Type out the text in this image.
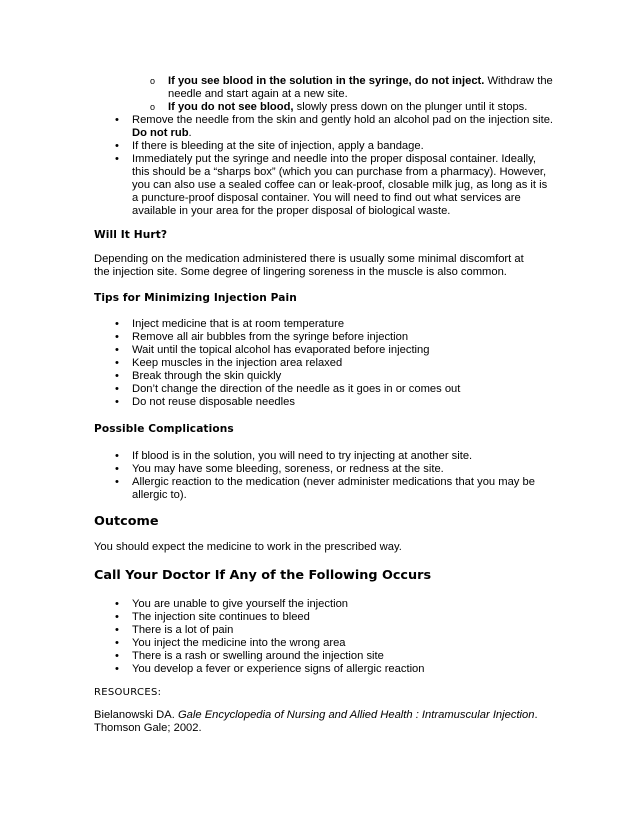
o If you see blood in the solution in the syringe, do not inject. Withdraw the needle and start again at a new site.
o If you do not see blood, slowly press down on the plunger until it stops.
• Remove the needle from the skin and gently hold an alcohol pad on the injection site. Do not rub.
• If there is bleeding at the site of injection, apply a bandage.
• Immediately put the syringe and needle into the proper disposal container. Ideally, this should be a “sharps box” (which you can purchase from a pharmacy). However, you can also use a sealed coffee can or leak-proof, closable milk jug, as long as it is a puncture-proof disposal container. You will need to find out what services are available in your area for the proper disposal of biological waste.
Will It Hurt?

Depending on the medication administered there is usually some minimal discomfort at the injection site. Some degree of lingering soreness in the muscle is also common.

Tips for Minimizing Injection Pain
• Inject medicine that is at room temperature
• Remove all air bubbles from the syringe before injection
• Wait until the topical alcohol has evaporated before injecting
• Keep muscles in the injection area relaxed
• Break through the skin quickly
• Don’t change the direction of the needle as it goes in or comes out
• Do not reuse disposable needles
Possible Complications
• If blood is in the solution, you will need to try injecting at another site.
• You may have some bleeding, soreness, or redness at the site.
• Allergic reaction to the medication (never administer medications that you may be allergic to).
Outcome

You should expect the medicine to work in the prescribed way.

Call Your Doctor If Any of the Following Occurs
• You are unable to give yourself the injection
• The injection site continues to bleed
• There is a lot of pain
• You inject the medicine into the wrong area
• There is a rash or swelling around the injection site
• You develop a fever or experience signs of allergic reaction
RESOURCES:

Bielanowski DA. Gale Encyclopedia of Nursing and Allied Health : Intramuscular Injection.
Thomson Gale; 2002.
